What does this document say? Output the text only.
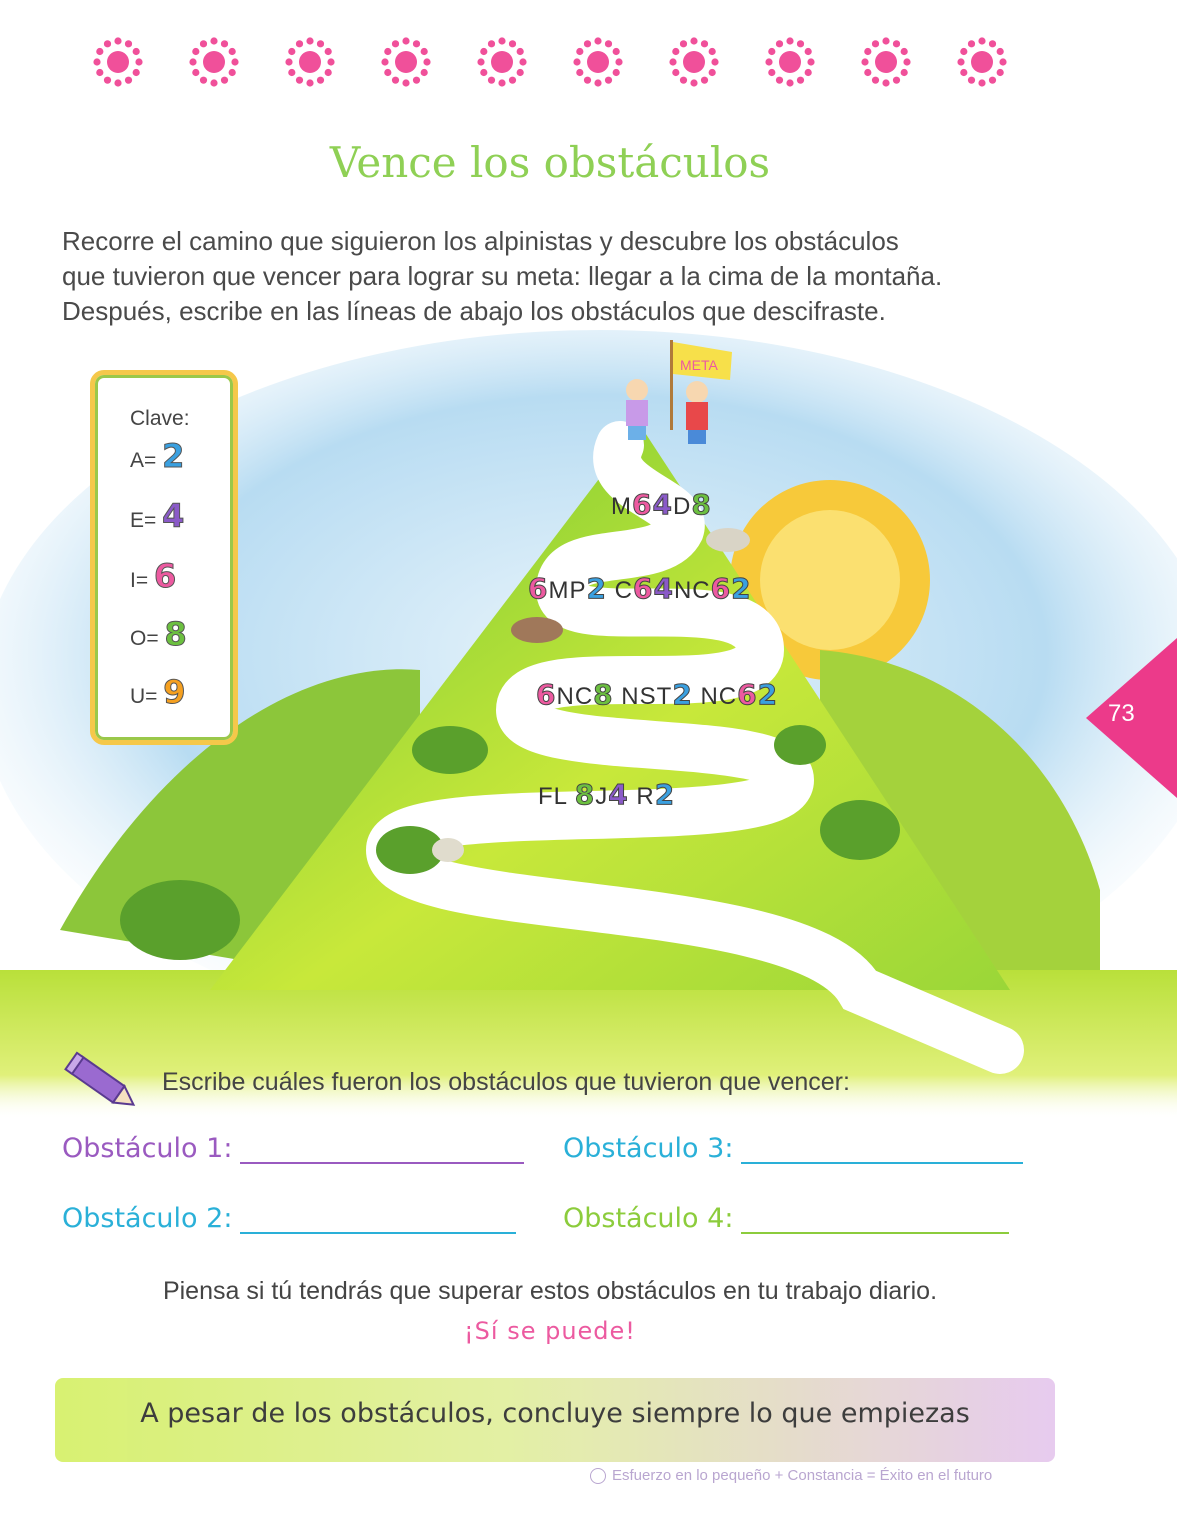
Vence los obstáculos
Recorre el camino que siguieron los alpinistas y descubre los obstáculos
que tuvieron que vencer para lograr su meta: llegar a la cima de la montaña.
Después, escribe en las líneas de abajo los obstáculos que descifraste.
META
73
Clave:
A= 2
E= 4
I= 6
O= 8
U= 9
M64D8
6MP2 C64NC62
6NC8 NST2 NC62
FL 8J4 R2
Escribe cuáles fueron los obstáculos que tuvieron que vencer:
Obstáculo 1:	Obstáculo 3:
Obstáculo 2:	Obstáculo 4:
Piensa si tú tendrás que superar estos obstáculos en tu trabajo diario.
¡Sí se puede!
A pesar de los obstáculos, concluye siempre lo que empiezas
Esfuerzo en lo pequeño + Constancia = Éxito en el futuro
